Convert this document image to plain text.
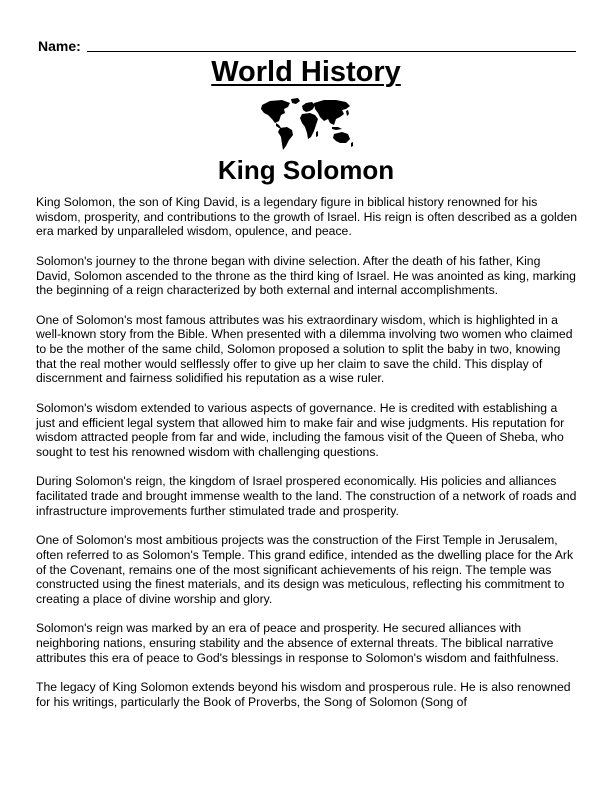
Name:
World History
King Solomon

King Solomon, the son of King David, is a legendary figure in biblical history renowned for his wisdom, prosperity, and contributions to the growth of Israel. His reign is often described as a golden era marked by unparalleled wisdom, opulence, and peace.

Solomon's journey to the throne began with divine selection. After the death of his father, King David, Solomon ascended to the throne as the third king of Israel. He was anointed as king, marking the beginning of a reign characterized by both external and internal accomplishments.

One of Solomon's most famous attributes was his extraordinary wisdom, which is highlighted in a well-known story from the Bible. When presented with a dilemma involving two women who claimed to be the mother of the same child, Solomon proposed a solution to split the baby in two, knowing that the real mother would selflessly offer to give up her claim to save the child. This display of discernment and fairness solidified his reputation as a wise ruler.

Solomon's wisdom extended to various aspects of governance. He is credited with establishing a just and efficient legal system that allowed him to make fair and wise judgments. His reputation for wisdom attracted people from far and wide, including the famous visit of the Queen of Sheba, who sought to test his renowned wisdom with challenging questions.

During Solomon's reign, the kingdom of Israel prospered economically. His policies and alliances facilitated trade and brought immense wealth to the land. The construction of a network of roads and infrastructure improvements further stimulated trade and prosperity.

One of Solomon's most ambitious projects was the construction of the First Temple in Jerusalem, often referred to as Solomon's Temple. This grand edifice, intended as the dwelling place for the Ark of the Covenant, remains one of the most significant achievements of his reign. The temple was constructed using the finest materials, and its design was meticulous, reflecting his commitment to creating a place of divine worship and glory.

Solomon's reign was marked by an era of peace and prosperity. He secured alliances with neighboring nations, ensuring stability and the absence of external threats. The biblical narrative attributes this era of peace to God's blessings in response to Solomon's wisdom and faithfulness.

The legacy of King Solomon extends beyond his wisdom and prosperous rule. He is also renowned for his writings, particularly the Book of Proverbs, the Song of Solomon (Song of
